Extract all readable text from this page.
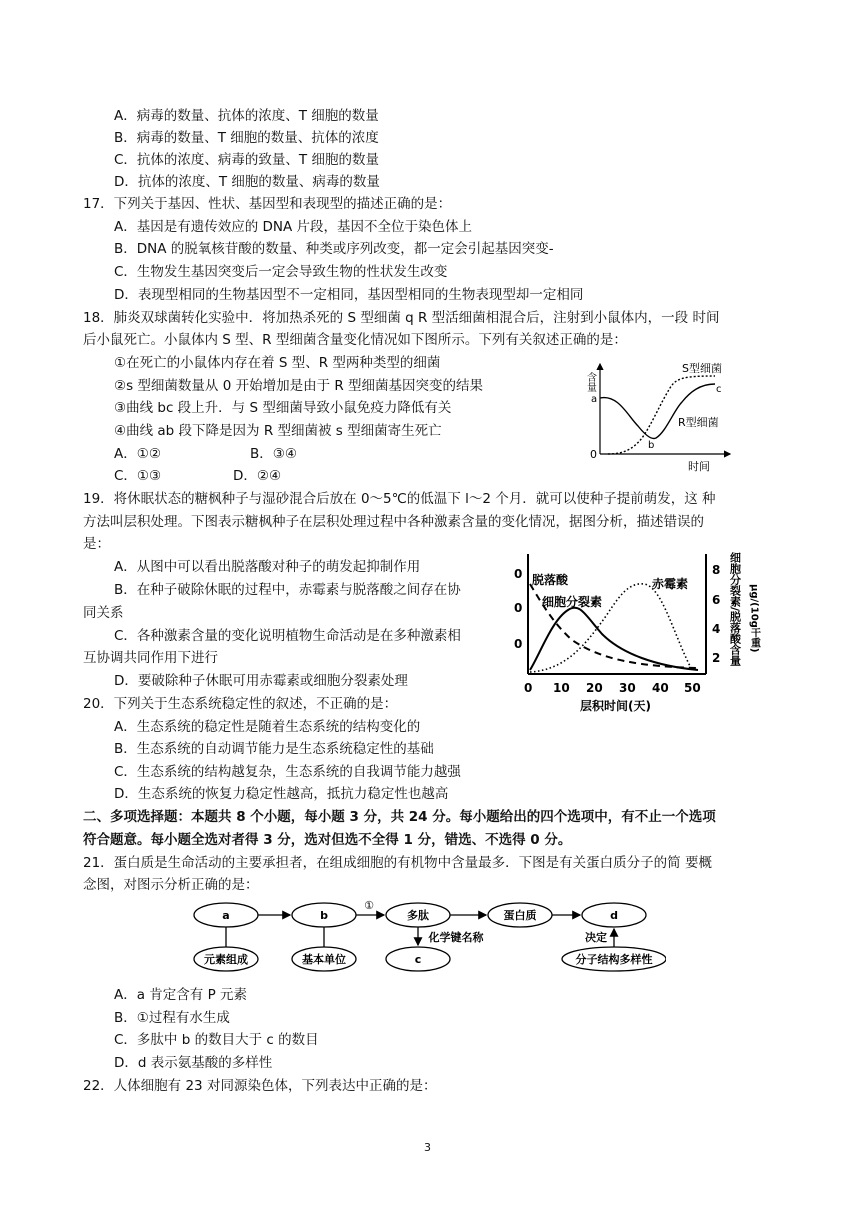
A．病毒的数量、抗体的浓度、T 细胞的数量
B．病毒的数量、T 细胞的数量、抗体的浓度
C．抗体的浓度、病毒的致量、T 细胞的数量
D．抗体的浓度、T 细胞的数量、病毒的数量
17．下列关于基因、性状、基因型和表现型的描述正确的是：
A．基因是有遗传效应的 DNA 片段，基因不全位于染色体上
B．DNA 的脱氧核苷酸的数量、种类或序列改变，都一定会引起基因突变-
C．生物发生基因突变后一定会导致生物的性状发生改变
D．表现型相同的生物基因型不一定相同，基因型相同的生物表现型却一定相同
18．肺炎双球菌转化实验中．将加热杀死的 S 型细菌 q R 型活细菌相混合后，注射到小鼠体内，一段 时间
后小鼠死亡。小鼠体内 S 型、R 型细菌含量变化情况如下图所示。下列有关叙述正确的是：
①在死亡的小鼠体内存在着 S 型、R 型两种类型的细菌
②s 型细菌数量从 0 开始增加是由于 R 型细菌基因突变的结果
③曲线 bc 段上升．与 S 型细菌导致小鼠免疫力降低有关
④曲线 ab 段下降是因为 R 型细菌被 s 型细菌寄生死亡
A．①②	B．③④
C．①③	D．②④
含量
0
a
b
c
S型细菌
R型细菌
时间
19．将休眠状态的糖枫种子与湿砂混合后放在 0～5℃的低温下 l～2 个月．就可以使种子提前萌发，这 种
方法叫层积处理。下图表示糖枫种子在层积处理过程中各种激素含量的变化情况，据图分析，描述错误的
是：
A．从图中可以看出脱落酸对种子的萌发起抑制作用
B．在种子破除休眠的过程中，赤霉素与脱落酸之间存在协
同关系
C．各种激素含量的变化说明植物生命活动是在多种激素相
互协调共同作用下进行
D．要破除种子休眠可用赤霉素或细胞分裂素处理
0
0
0
8
6
4
2
0 10 20 30 40 50
层积时间(天)
脱落酸
细胞分裂素
赤霉素	细胞分裂素/脱落酸含量 μg/(10g干重)
20．下列关于生态系统稳定性的叙述，不正确的是：
A．生态系统的稳定性是随着生态系统的结构变化的
B．生态系统的自动调节能力是生态系统稳定性的基础
C．生态系统的结构越复杂，生态系统的自我调节能力越强
D．生态系统的恢复力稳定性越高，抵抗力稳定性也越高
二、多项选择题：本题共 8 个小题，每小题 3 分，共 24 分。每小题给出的四个选项中，有不止一个选项
符合题意。每小题全选对者得 3 分，选对但选不全得 1 分，错选、不选得 0 分。
21．蛋白质是生命活动的主要承担者，在组成细胞的有机物中含量最多．下图是有关蛋白质分子的简 要概
念图，对图示分析正确的是：
a	b
①
多肽	蛋白质	d
元素组成	基本单位
化学键名称
c
决定
分子结构多样性
A．a 肯定含有 P 元素
B．①过程有水生成
C．多肽中 b 的数目大于 c 的数目
D．d 表示氨基酸的多样性
22．人体细胞有 23 对同源染色体，下列表达中正确的是：
3
